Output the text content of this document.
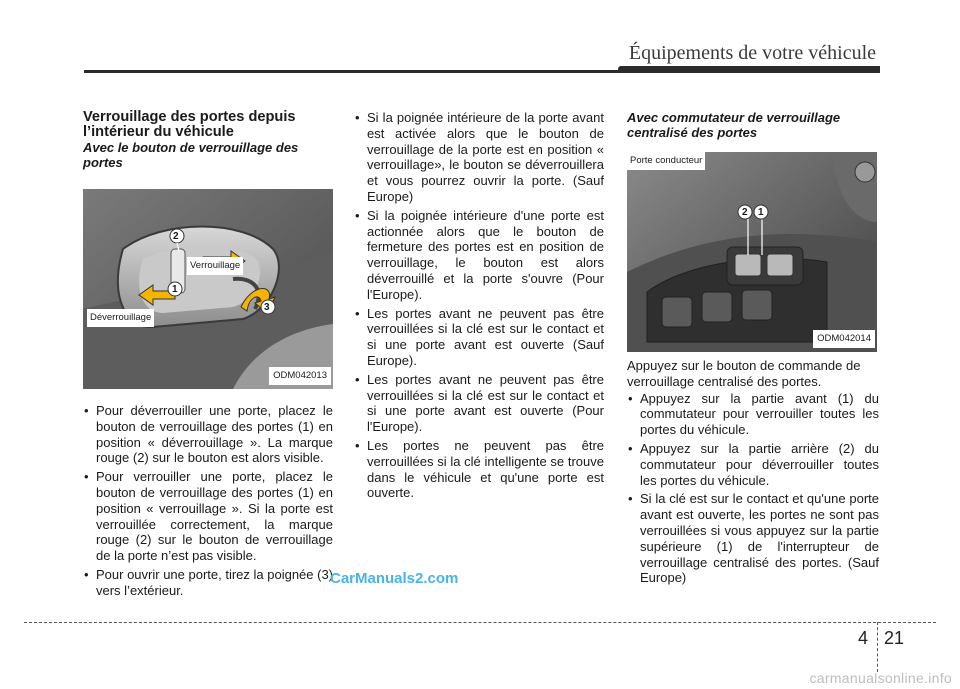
Équipements de votre véhicule
Verrouillage des portes depuis l’intérieur du véhicule
Avec le bouton de verrouillage des portes
Verrouillage
Déverrouillage
2
1
3
ODM042013
• Pour déverrouiller une porte, placez le bouton de verrouillage des portes (1) en position « déverrouillage ». La marque rouge (2) sur le bouton est alors visible.
• Pour verrouiller une porte, placez le bouton de verrouillage des portes (1) en position « verrouillage ». Si la porte est verrouillée correctement, la marque rouge (2) sur le bouton de verrouillage de la porte n’est pas visible.
• Pour ouvrir une porte, tirez la poignée (3) vers l’extérieur.
• Si la poignée intérieure de la porte avant est activée alors que le bouton de verrouillage de la porte est en position « verrouillage», le bouton se déverrouillera et vous pourrez ouvrir la porte. (Sauf Europe)
• Si la poignée intérieure d'une porte est actionnée alors que le bouton de fermeture des portes est en position de verrouillage, le bouton est alors déverrouillé et la porte s'ouvre (Pour l'Europe).
• Les portes avant ne peuvent pas être verrouillées si la clé est sur le contact et si une porte avant est ouverte (Sauf Europe).
• Les portes avant ne peuvent pas être verrouillées si la clé est sur le contact et si une porte avant est ouverte (Pour l'Europe).
• Les portes ne peuvent pas être verrouillées si la clé intelligente se trouve dans le véhicule et qu'une porte est ouverte.
Avec commutateur de verrouillage centralisé des portes
Porte conducteur
2 1
ODM042014
Appuyez sur le bouton de commande de verrouillage centralisé des portes.
• Appuyez sur la partie avant (1) du commutateur pour verrouiller toutes les portes du véhicule.
• Appuyez sur la partie arrière (2) du commutateur pour déverrouiller toutes les portes du véhicule.
• Si la clé est sur le contact et qu'une porte avant est ouverte, les portes ne sont pas verrouillées si vous appuyez sur la partie supérieure (1) de l'interrupteur de verrouillage centralisé des portes. (Sauf Europe)
CarManuals2.com
4 21
carmanualsonline.info
